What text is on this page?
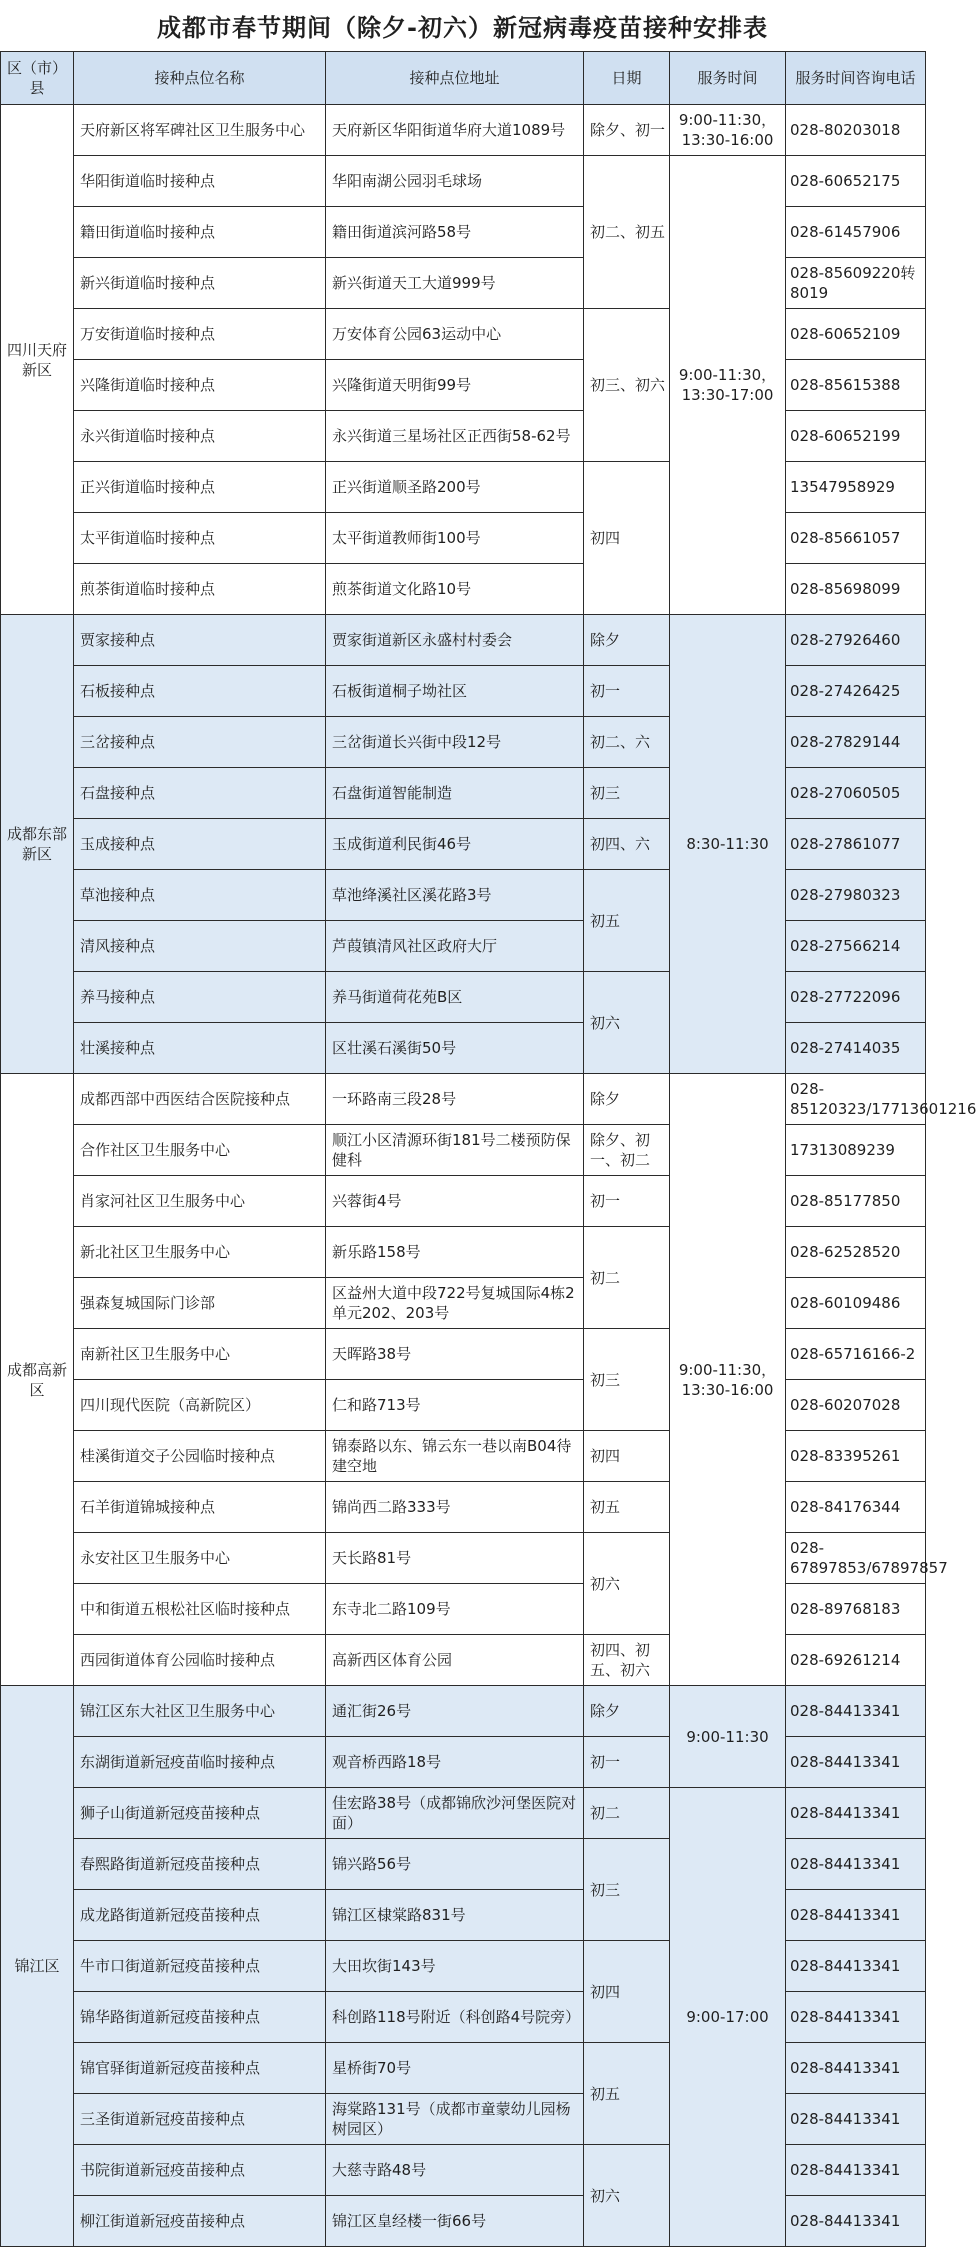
成都市春节期间（除夕-初六）新冠病毒疫苗接种安排表
区（市）县	接种点位名称	接种点位地址	日期	服务时间	服务时间咨询电话
四川天府新区	天府新区将军碑社区卫生服务中心	天府新区华阳街道华府大道1089号	除夕、初一	9:00-11:30，13:30-16:00	028-80203018
	华阳街道临时接种点	华阳南湖公园羽毛球场	初二、初五	9:00-11:30，13:30-17:00	028-60652175
	籍田街道临时接种点	籍田街道滨河路58号			028-61457906
	新兴街道临时接种点	新兴街道天工大道999号			028-85609220转8019
	万安街道临时接种点	万安体育公园63运动中心	初三、初六		028-60652109
	兴隆街道临时接种点	兴隆街道天明街99号			028-85615388
	永兴街道临时接种点	永兴街道三星场社区正西街58-62号			028-60652199
	正兴街道临时接种点	正兴街道顺圣路200号	初四		13547958929
	太平街道临时接种点	太平街道教师街100号			028-85661057
	煎茶街道临时接种点	煎茶街道文化路10号			028-85698099
成都东部新区	贾家接种点	贾家街道新区永盛村村委会	除夕	8:30-11:30	028-27926460
	石板接种点	石板街道桐子坳社区	初一		028-27426425
	三岔接种点	三岔街道长兴街中段12号	初二、六		028-27829144
	石盘接种点	石盘街道智能制造	初三		028-27060505
	玉成接种点	玉成街道利民街46号	初四、六		028-27861077
	草池接种点	草池绛溪社区溪花路3号	初五		028-27980323
	清风接种点	芦葭镇清风社区政府大厅			028-27566214
	养马接种点	养马街道荷花苑B区	初六		028-27722096
	壮溪接种点	区壮溪石溪街50号			028-27414035
成都高新区	成都西部中西医结合医院接种点	一环路南三段28号	除夕	9:00-11:30，13:30-16:00	028-85120323/17713601216
	合作社区卫生服务中心	顺江小区清源环街181号二楼预防保健科	除夕、初一、初二		17313089239
	肖家河社区卫生服务中心	兴蓉街4号	初一		028-85177850
	新北社区卫生服务中心	新乐路158号	初二		028-62528520
	强森复城国际门诊部	区益州大道中段722号复城国际4栋2单元202、203号			028-60109486
	南新社区卫生服务中心	天晖路38号	初三		028-65716166-2
	四川现代医院（高新院区）	仁和路713号			028-60207028
	桂溪街道交子公园临时接种点	锦泰路以东、锦云东一巷以南B04待建空地	初四		028-83395261
	石羊街道锦城接种点	锦尚西二路333号	初五		028-84176344
	永安社区卫生服务中心	天长路81号	初六		028-67897853/67897857
	中和街道五根松社区临时接种点	东寺北二路109号			028-89768183
	西园街道体育公园临时接种点	高新西区体育公园	初四、初五、初六		028-69261214
锦江区	锦江区东大社区卫生服务中心	通汇街26号	除夕	9:00-11:30	028-84413341
	东湖街道新冠疫苗临时接种点	观音桥西路18号	初一		028-84413341
	狮子山街道新冠疫苗接种点	佳宏路38号（成都锦欣沙河堡医院对面）	初二	9:00-17:00	028-84413341
	春熙路街道新冠疫苗接种点	锦兴路56号	初三		028-84413341
	成龙路街道新冠疫苗接种点	锦江区棣棠路831号			028-84413341
	牛市口街道新冠疫苗接种点	大田坎街143号	初四		028-84413341
	锦华路街道新冠疫苗接种点	科创路118号附近（科创路4号院旁）			028-84413341
	锦官驿街道新冠疫苗接种点	星桥街70号	初五		028-84413341
	三圣街道新冠疫苗接种点	海棠路131号（成都市童蒙幼儿园杨树园区）			028-84413341
	书院街道新冠疫苗接种点	大慈寺路48号	初六		028-84413341
	柳江街道新冠疫苗接种点	锦江区皇经楼一街66号			028-84413341
